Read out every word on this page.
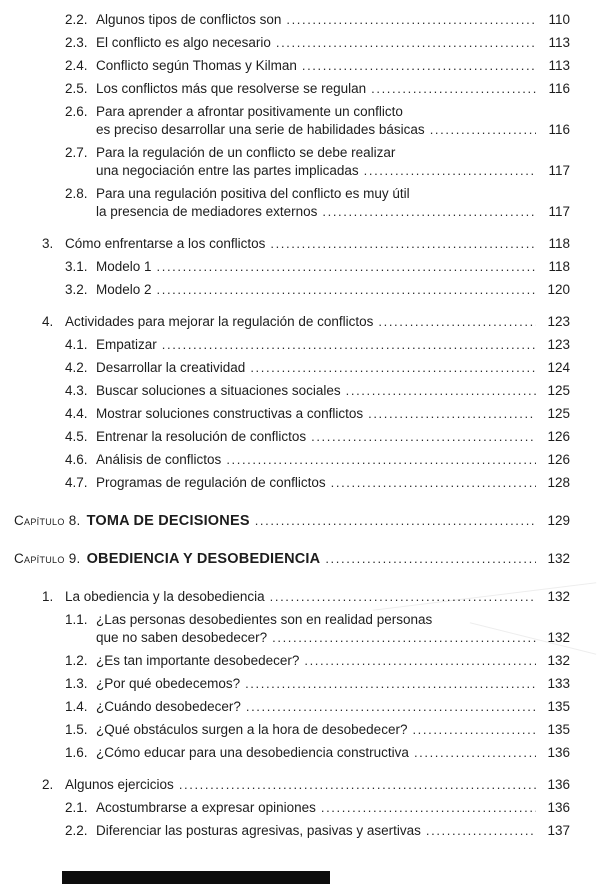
2.2. Algunos tipos de conflictos son .....	110
2.3. El conflicto es algo necesario .....	113
2.4. Conflicto según Thomas y Kilman .....	113
2.5. Los conflictos más que resolverse se regulan .....	116
2.6. Para aprender a afrontar positivamente un conflicto
es preciso desarrollar una serie de habilidades básicas .....	116
2.7. Para la regulación de un conflicto se debe realizar
una negociación entre las partes implicadas .....	117
2.8. Para una regulación positiva del conflicto es muy útil
la presencia de mediadores externos .....	117
3. Cómo enfrentarse a los conflictos .....	118
3.1. Modelo 1 .....	118
3.2. Modelo 2 .....	120
4. Actividades para mejorar la regulación de conflictos .....	123
4.1. Empatizar .....	123
4.2. Desarrollar la creatividad .....	124
4.3. Buscar soluciones a situaciones sociales .....	125
4.4. Mostrar soluciones constructivas a conflictos .....	125
4.5. Entrenar la resolución de conflictos .....	126
4.6. Análisis de conflictos .....	126
4.7. Programas de regulación de conflictos .....	128
Capítulo 8. TOMA DE DECISIONES .....	129
Capítulo 9. OBEDIENCIA Y DESOBEDIENCIA .....	132
1. La obediencia y la desobediencia .....	132
1.1. ¿Las personas desobedientes son en realidad personas
que no saben desobedecer? .....	132
1.2. ¿Es tan importante desobedecer? .....	132
1.3. ¿Por qué obedecemos? .....	133
1.4. ¿Cuándo desobedecer? .....	135
1.5. ¿Qué obstáculos surgen a la hora de desobedecer? .....	135
1.6. ¿Cómo educar para una desobediencia constructiva .....	136
2. Algunos ejercicios .....	136
2.1. Acostumbrarse a expresar opiniones .....	136
2.2. Diferenciar las posturas agresivas, pasivas y asertivas .....	137
